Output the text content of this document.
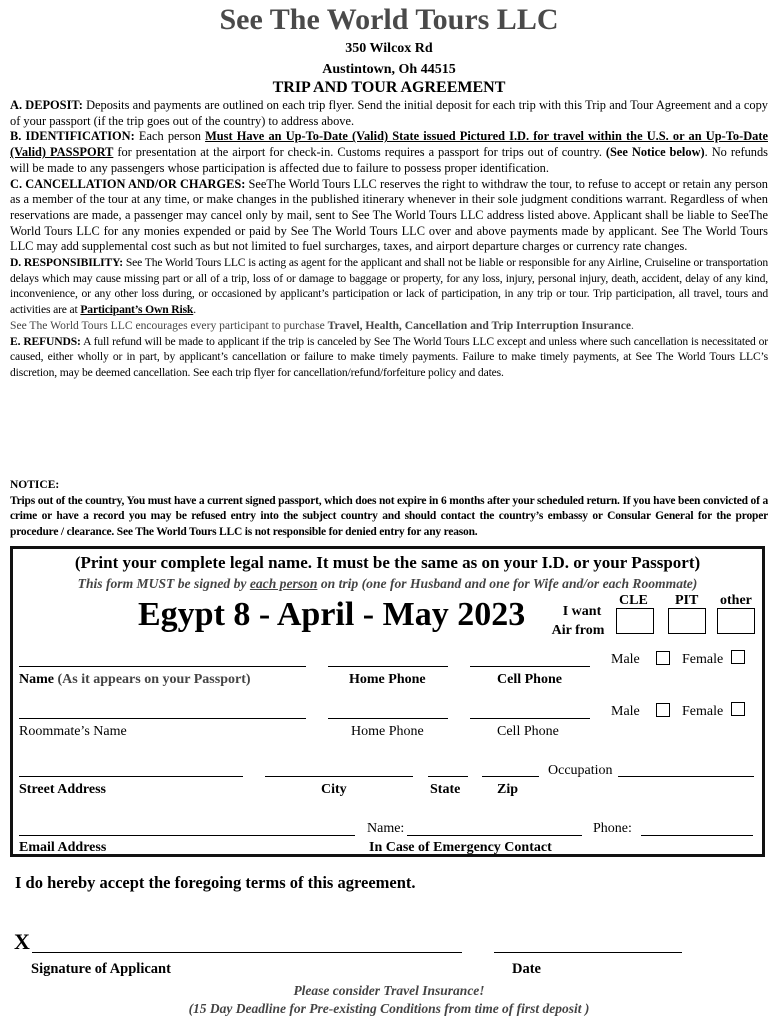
See The World Tours LLC
350 Wilcox Rd
Austintown, Oh 44515
TRIP AND TOUR AGREEMENT

A. DEPOSIT: Deposits and payments are outlined on each trip flyer. Send the initial deposit for each trip with this Trip and Tour Agreement and a copy of your passport (if the trip goes out of the country) to address above.

B. IDENTIFICATION: Each person Must Have an Up-To-Date (Valid) State issued Pictured I.D. for travel within the U.S. or an Up-To-Date (Valid) PASSPORT for presentation at the airport for check-in. Customs requires a passport for trips out of country. (See Notice below). No refunds will be made to any passengers whose participation is affected due to failure to possess proper identification.

C. CANCELLATION AND/OR CHARGES: SeeThe World Tours LLC reserves the right to withdraw the tour, to refuse to accept or retain any person as a member of the tour at any time, or make changes in the published itinerary whenever in their sole judgment conditions warrant. Regardless of when reservations are made, a passenger may cancel only by mail, sent to See The World Tours LLC address listed above. Applicant shall be liable to SeeThe World Tours LLC for any monies expended or paid by See The World Tours LLC over and above payments made by applicant. See The World Tours LLC may add supplemental cost such as but not limited to fuel surcharges, taxes, and airport departure charges or currency rate changes.

D. RESPONSIBILITY: See The World Tours LLC is acting as agent for the applicant and shall not be liable or responsible for any Airline, Cruiseline or transportation delays which may cause missing part or all of a trip, loss of or damage to baggage or property, for any loss, injury, personal injury, death, accident, delay of any kind, inconvenience, or any other loss during, or occasioned by applicant’s participation or lack of participation, in any trip or tour. Trip participation, all travel, tours and activities are at Participant’s Own Risk.

See The World Tours LLC encourages every participant to purchase Travel, Health, Cancellation and Trip Interruption Insurance.

E. REFUNDS: A full refund will be made to applicant if the trip is canceled by See The World Tours LLC except and unless where such cancellation is necessitated or caused, either wholly or in part, by applicant’s cancellation or failure to make timely payments. Failure to make timely payments, at See The World Tours LLC’s discretion, may be deemed cancellation. See each trip flyer for cancellation/refund/forfeiture policy and dates.

NOTICE:

Trips out of the country, You must have a current signed passport, which does not expire in 6 months after your scheduled return. If you have been convicted of a crime or have a record you may be refused entry into the subject country and should contact the country’s embassy or Consular General for the proper procedure / clearance. See The World Tours LLC is not responsible for denied entry for any reason.

(Print your complete legal name. It must be the same as on your I.D. or your Passport)
This form MUST be signed by each person on trip (one for Husband and one for Wife and/or each Roommate)
Egypt 8 - April - May 2023	I want
Air from
CLE PIT other
Male	Female
Name (As it appears on your Passport)	Home Phone	Cell Phone
Male	Female
Roommate’s Name	Home Phone	Cell Phone
Occupation
Street Address	City	State	Zip
Name:	Phone:
Email Address	In Case of Emergency Contact
I do hereby accept the foregoing terms of this agreement.
X
Signature of Applicant	Date
Please consider Travel Insurance!
(15 Day Deadline for Pre-existing Conditions from time of first deposit )
